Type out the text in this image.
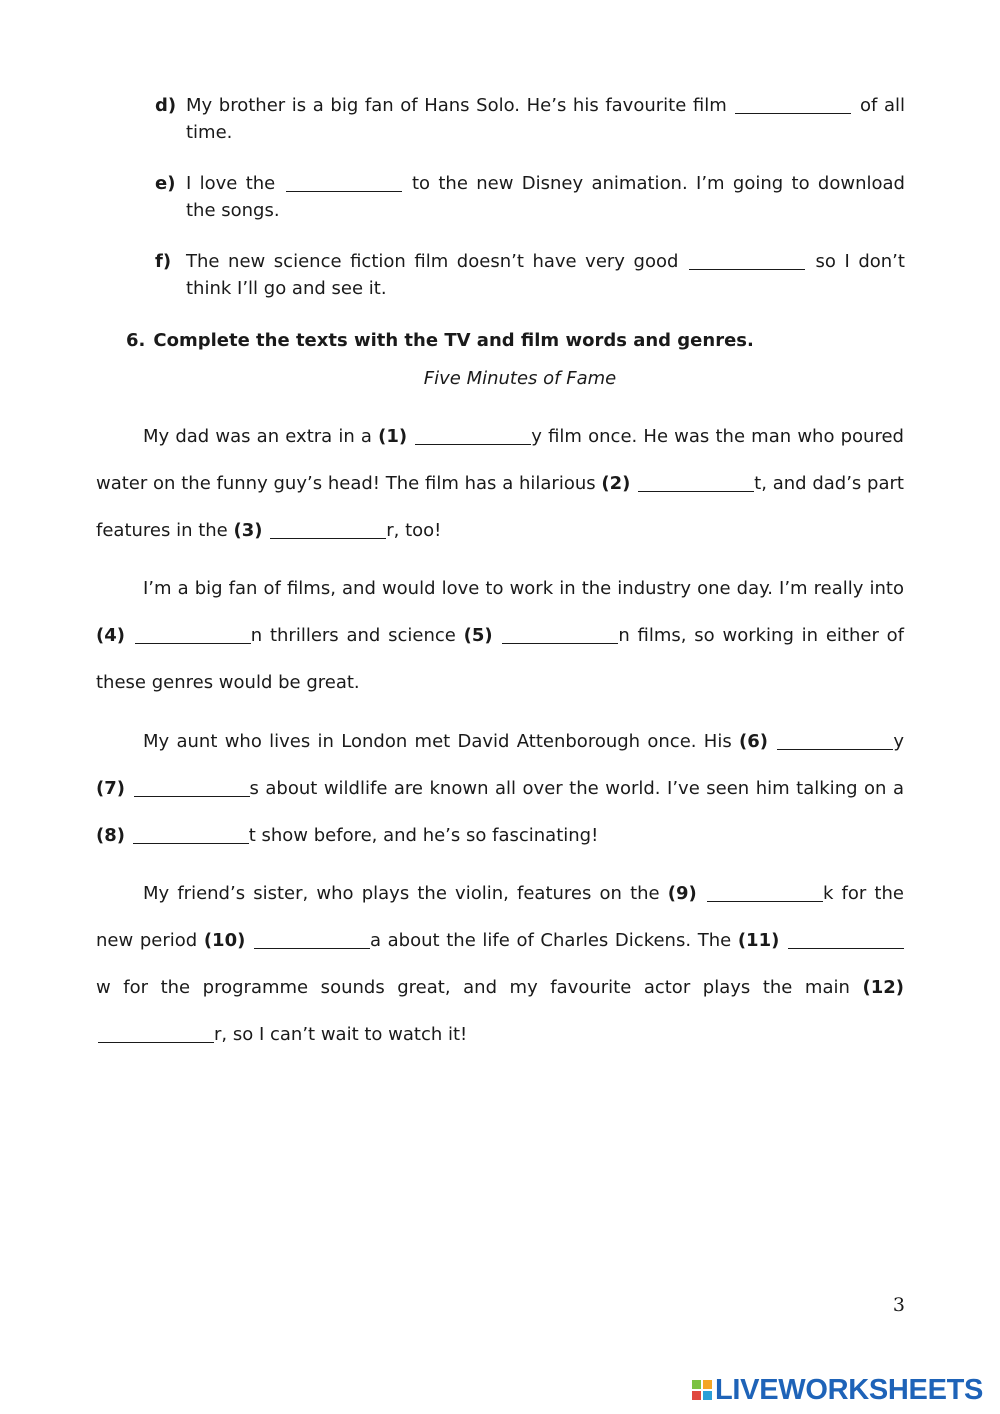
d) My brother is a big fan of Hans Solo. He’s his favourite film	of all time.
e) I love the	to the new Disney animation. I’m going to download the songs.
f) The new science fiction film doesn’t have very good	so I don’t think I’ll go and see it.
6. Complete the texts with the TV and film words and genres.
Five Minutes of Fame
My dad was an extra in a (1)	y film once. He was the man who poured water on the funny guy’s head! The film has a hilarious (2)	t, and dad’s part features in the (3)	r, too!
I’m a big fan of films, and would love to work in the industry one day. I’m really into (4)	n thrillers and science (5)	n films, so working in either of these genres would be great.
My aunt who lives in London met David Attenborough once. His (6)	y (7)	s about wildlife are known all over the world. I’ve seen him talking on a (8)	t show before, and he’s so fascinating!
My friend’s sister, who plays the violin, features on the (9)	k for the new period (10)	a about the life of Charles Dickens. The (11) w for the programme sounds great, and my favourite actor plays the main (12) r, so I can’t wait to watch it!
3
LIVEWORKSHEETS
